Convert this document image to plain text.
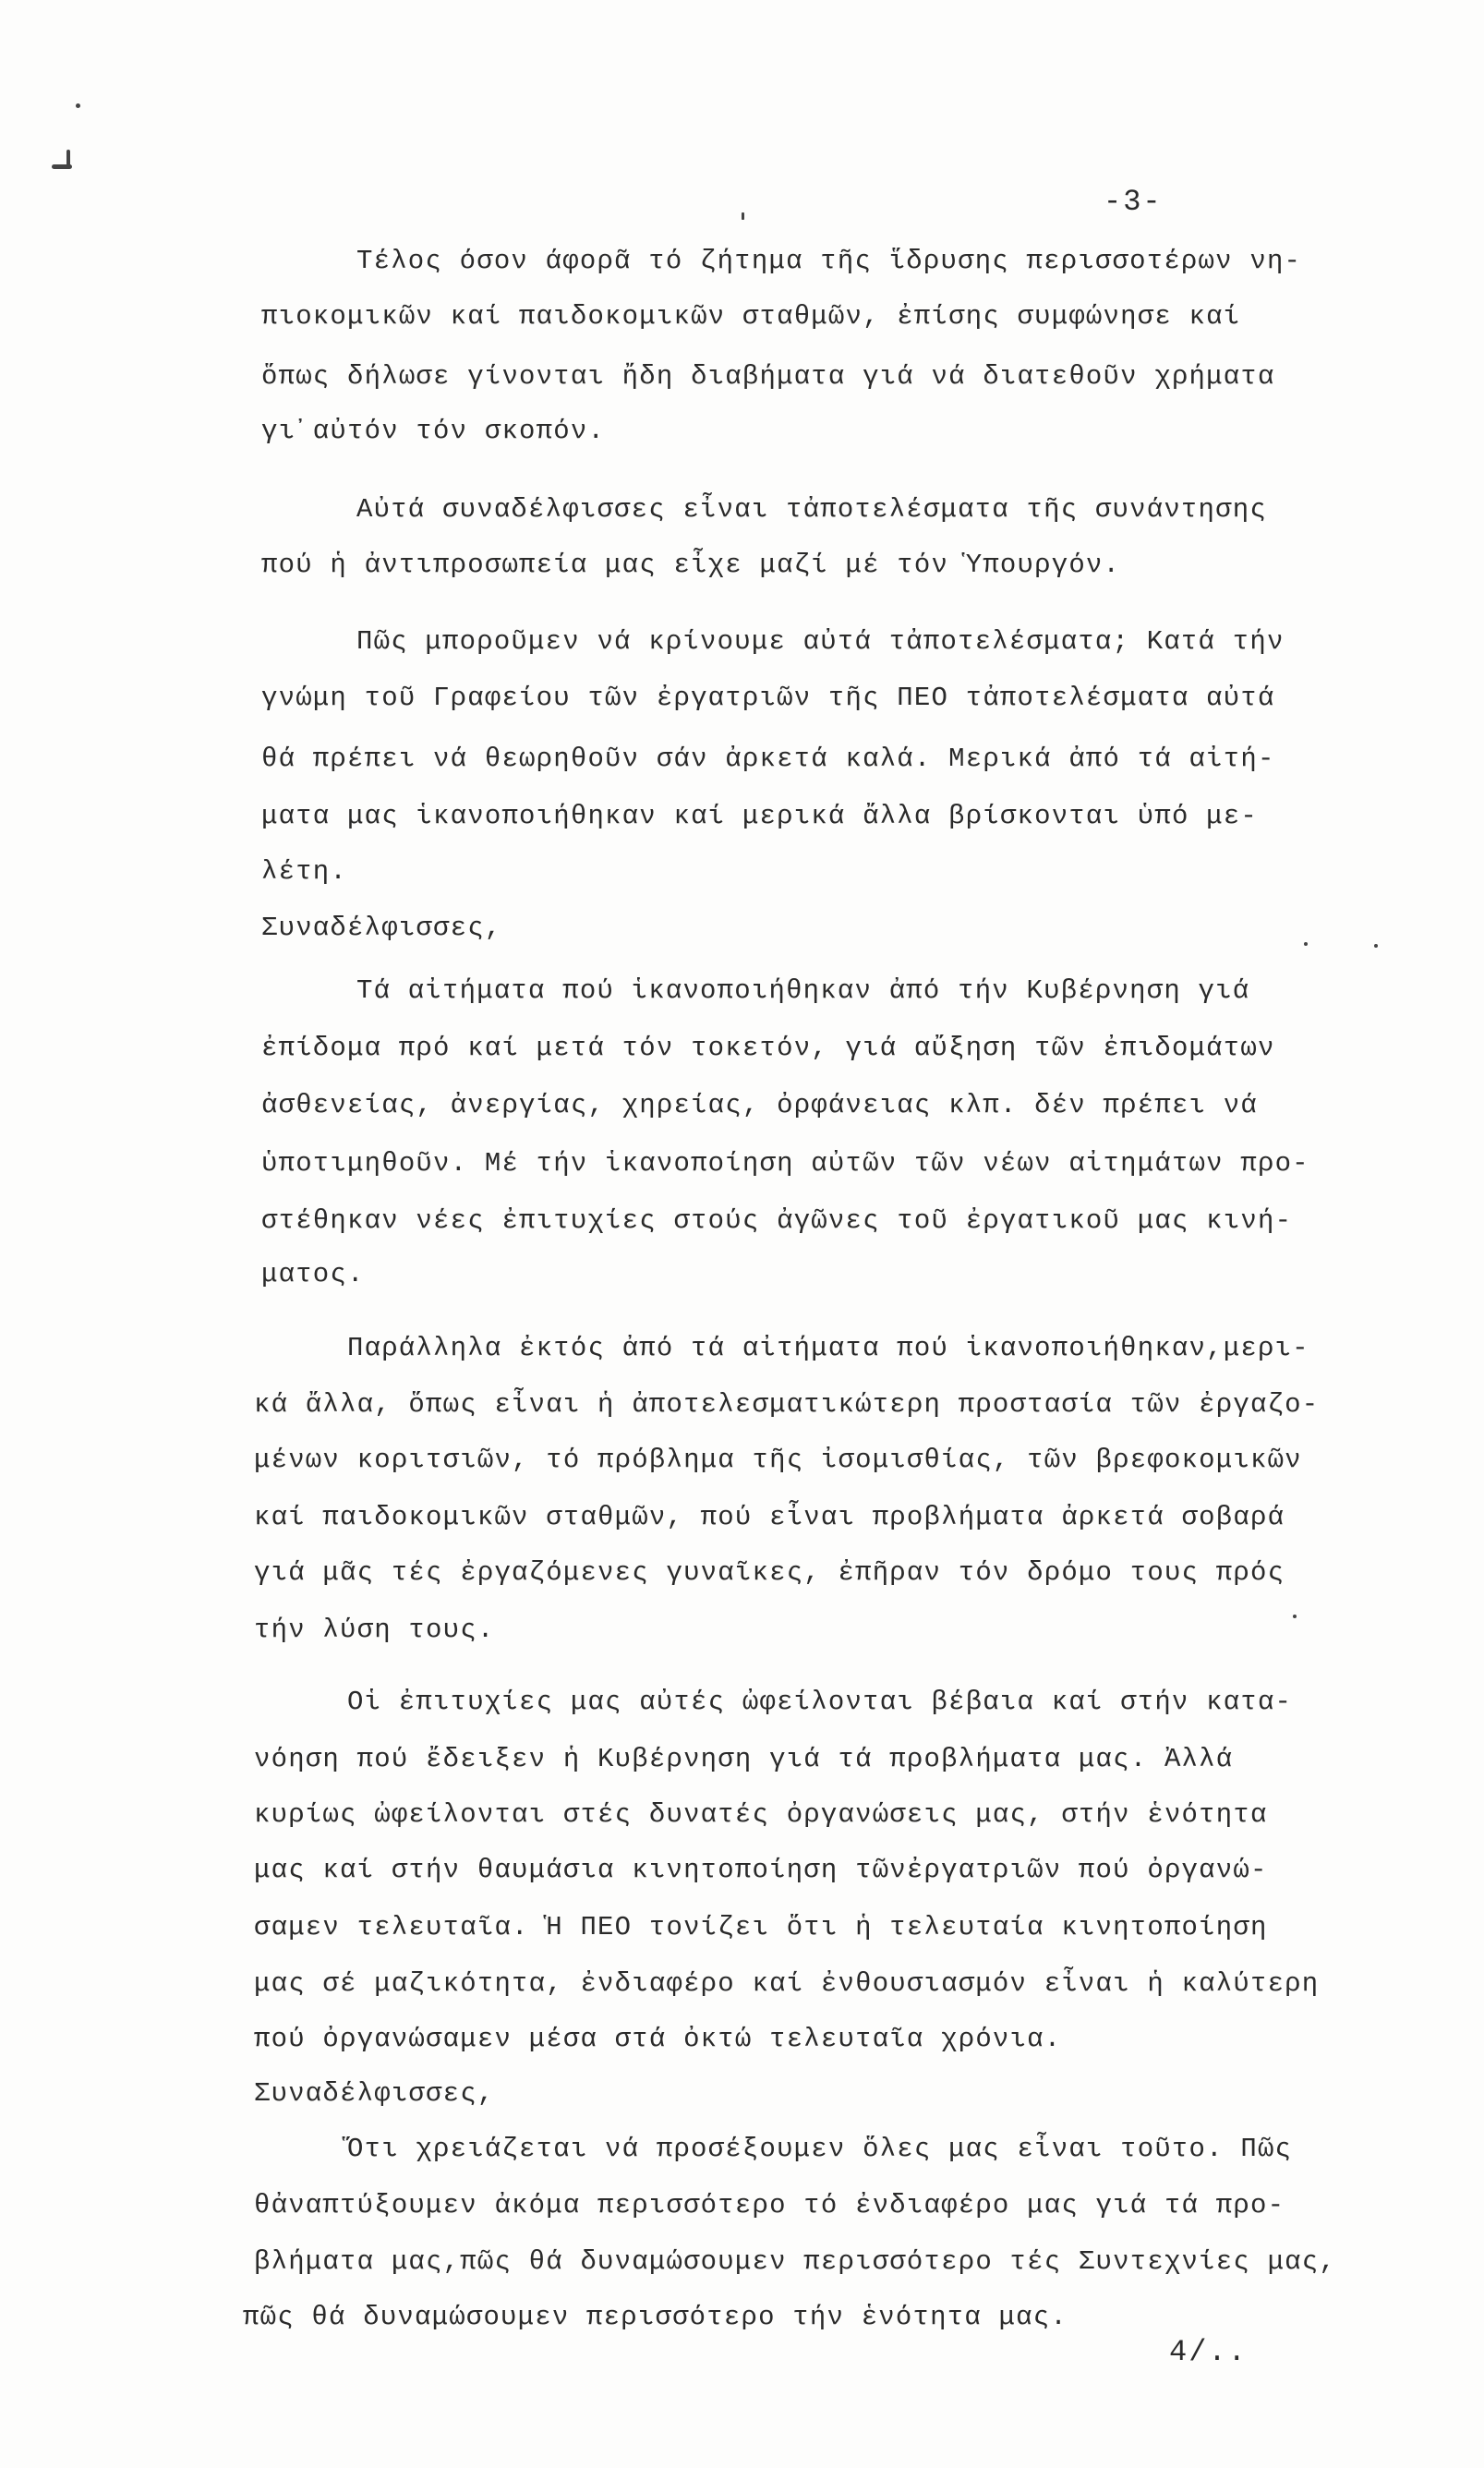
-3-
Τέλος όσον άφορᾶ τό ζήτημα τῆς ἵδρυσης περισσοτέρων νη-
πιοκομικῶν καί παιδοκομικῶν σταθμῶν, ἐπίσης συμφώνησε καί
ὅπως δήλωσε γίνονται ἤδη διαβήματα γιά νά διατεθοῦν χρήματα
γι᾿αὐτόν τόν σκοπόν.
Αὐτά συναδέλφισσες εἶναι τἀποτελέσματα τῆς συνάντησης
πού ἡ ἀντιπροσωπεία μας εἶχε μαζί μέ τόν Ὑπουργόν.
Πῶς μποροῦμεν νά κρίνουμε αὐτά τἀποτελέσματα; Κατά τήν
γνώμη τοῦ Γραφείου τῶν ἐργατριῶν τῆς ΠΕΟ τἀποτελέσματα αὐτά
θά πρέπει νά θεωρηθοῦν σάν ἀρκετά καλά. Μερικά ἀπό τά αἰτή-
ματα μας ἱκανοποιήθηκαν καί μερικά ἄλλα βρίσκονται ὑπό με-
λέτη.
Συναδέλφισσες,
Τά αἰτήματα πού ἱκανοποιήθηκαν ἀπό τήν Κυβέρνηση γιά
ἐπίδομα πρό καί μετά τόν τοκετόν, γιά αὔξηση τῶν ἐπιδομάτων
ἀσθενείας, ἀνεργίας, χηρείας, ὀρφάνειας κλπ. δέν πρέπει νά
ὑποτιμηθοῦν. Μέ τήν ἱκανοποίηση αὐτῶν τῶν νέων αἰτημάτων προ-
στέθηκαν νέες ἐπιτυχίες στούς ἀγῶνες τοῦ ἐργατικοῦ μας κινή-
ματος.
Παράλληλα ἐκτός ἀπό τά αἰτήματα πού ἱκανοποιήθηκαν,μερι-
κά ἄλλα, ὅπως εἶναι ἡ ἀποτελεσματικώτερη προστασία τῶν ἐργαζο-
μένων κοριτσιῶν, τό πρόβλημα τῆς ἰσομισθίας, τῶν βρεφοκομικῶν
καί παιδοκομικῶν σταθμῶν, πού εἶναι προβλήματα ἀρκετά σοβαρά
γιά μᾶς τές ἐργαζόμενες γυναῖκες, ἐπῆραν τόν δρόμο τους πρός
τήν λύση τους.
Οἱ ἐπιτυχίες μας αὐτές ὠφείλονται βέβαια καί στήν κατα-
νόηση πού ἔδειξεν ἡ Κυβέρνηση γιά τά προβλήματα μας. Ἀλλά
κυρίως ὠφείλονται στές δυνατές ὀργανώσεις μας, στήν ἑνότητα
μας καί στήν θαυμάσια κινητοποίηση τῶνἐργατριῶν πού ὀργανώ-
σαμεν τελευταῖα. Ἡ ΠΕΟ τονίζει ὅτι ἡ τελευταία κινητοποίηση
μας σέ μαζικότητα, ἐνδιαφέρο καί ἐνθουσιασμόν εἶναι ἡ καλύτερη
πού ὀργανώσαμεν μέσα στά ὀκτώ τελευταῖα χρόνια.
Συναδέλφισσες,
Ὅτι χρειάζεται νά προσέξουμεν ὅλες μας εἶναι τοῦτο. Πῶς
θἀναπτύξουμεν ἀκόμα περισσότερο τό ἐνδιαφέρο μας γιά τά προ-
βλήματα μας,πῶς θά δυναμώσουμεν περισσότερο τές Συντεχνίες μας,
πῶς θά δυναμώσουμεν περισσότερο τήν ἑνότητα μας.
4/..
